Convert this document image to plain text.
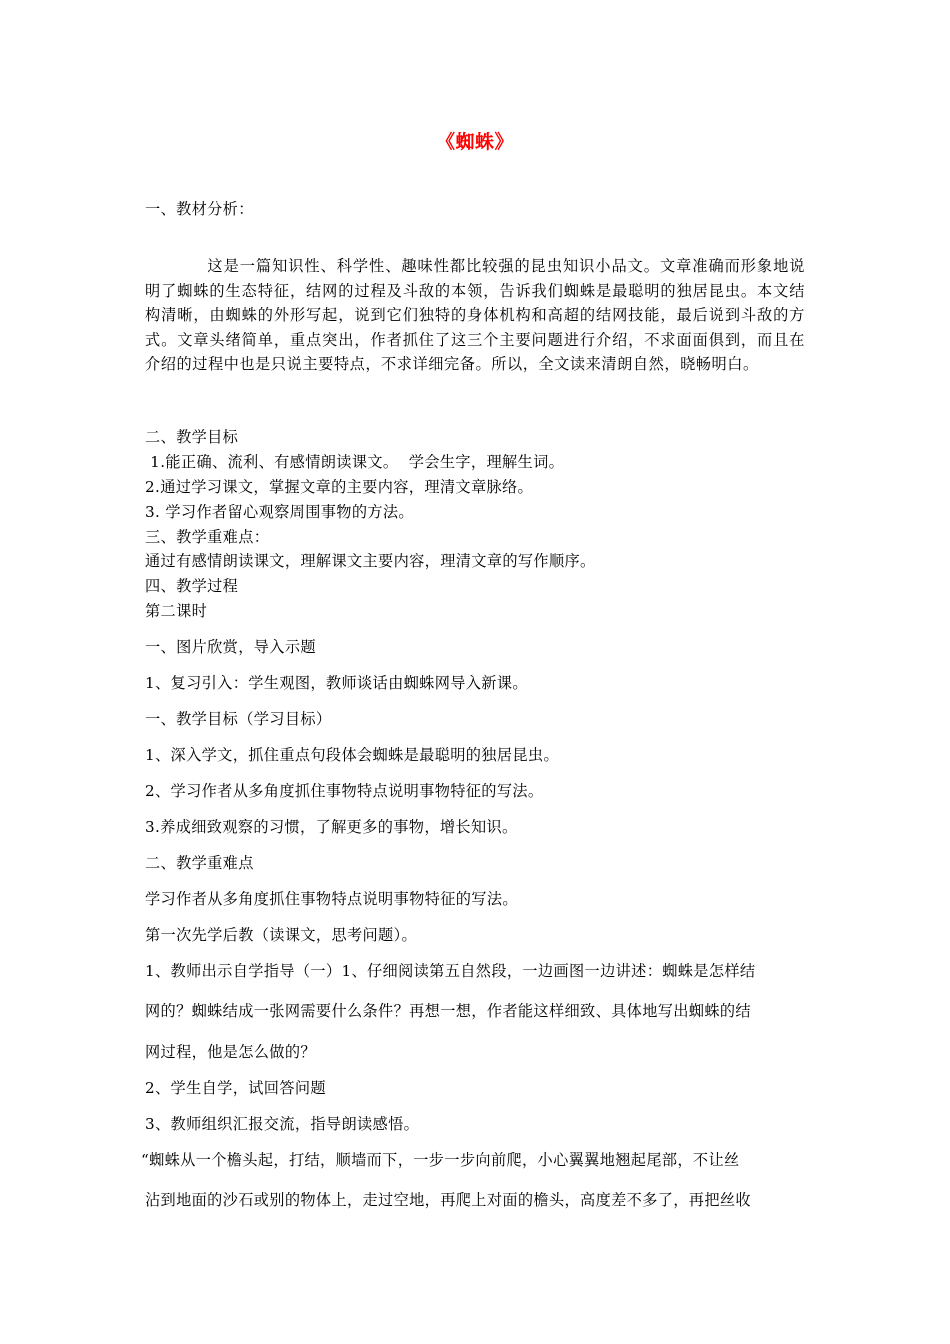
《蜘蛛》
一、教材分析：
这是一篇知识性、科学性、趣味性都比较强的昆虫知识小品文。文章准确而形象地说明了蜘蛛的生态特征，结网的过程及斗敌的本领，告诉我们蜘蛛是最聪明的独居昆虫。本文结构清晰，由蜘蛛的外形写起，说到它们独特的身体机构和高超的结网技能，最后说到斗敌的方式。文章头绪简单，重点突出，作者抓住了这三个主要问题进行介绍，不求面面俱到，而且在介绍的过程中也是只说主要特点，不求详细完备。所以，全文读来清朗自然，晓畅明白。
二、教学目标
1.能正确、流利、有感情朗读课文。  学会生字，理解生词。
2.通过学习课文，掌握文章的主要内容，理清文章脉络。
3. 学习作者留心观察周围事物的方法。
三、教学重难点：
通过有感情朗读课文，理解课文主要内容，理清文章的写作顺序。
四、教学过程
第二课时
一、图片欣赏，导入示题
1、复习引入：学生观图，教师谈话由蜘蛛网导入新课。
一、教学目标（学习目标）
1、深入学文，抓住重点句段体会蜘蛛是最聪明的独居昆虫。
2、学习作者从多角度抓住事物特点说明事物特征的写法。
3.养成细致观察的习惯，了解更多的事物，增长知识。
二、教学重难点
学习作者从多角度抓住事物特点说明事物特征的写法。
第一次先学后教（读课文，思考问题）。
1、教师出示自学指导（一）1、仔细阅读第五自然段，一边画图一边讲述：蜘蛛是怎样结
网的？蜘蛛结成一张网需要什么条件？再想一想，作者能这样细致、具体地写出蜘蛛的结
网过程，他是怎么做的？
2、学生自学，试回答问题
3、教师组织汇报交流，指导朗读感悟。
“蜘蛛从一个檐头起，打结，顺墙而下，一步一步向前爬，小心翼翼地翘起尾部，不让丝
沾到地面的沙石或别的物体上，走过空地，再爬上对面的檐头，高度差不多了，再把丝收
